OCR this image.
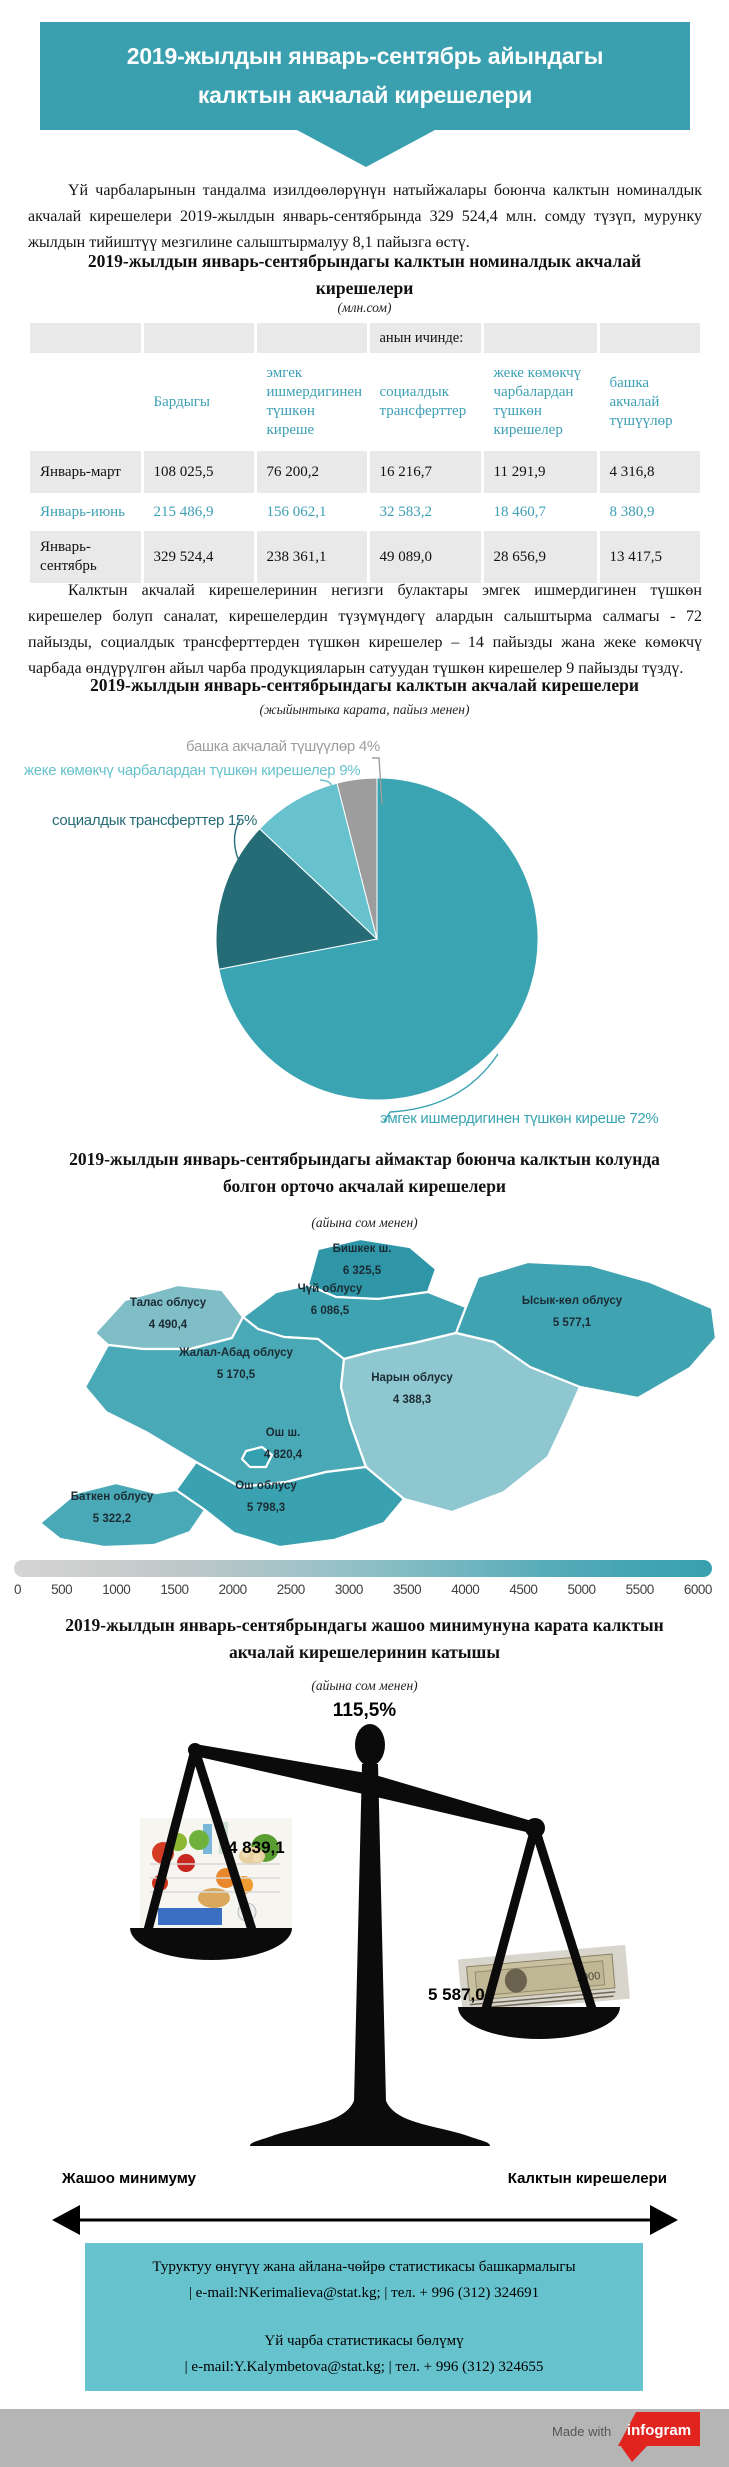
2019-жылдын январь-сентябрь айындагы
калктын акчалай кирешелери

Үй чарбаларынын тандалма изилдөөлөрүнүн натыйжалары боюнча калктын номиналдык акчалай кирешелери 2019-жылдын январь-сентябрында 329 524,4 млн. сомду түзүп, мурунку жылдын тийиштүү мезгилине салыштырмалуу 8,1 пайызга өстү.

2019-жылдын январь-сентябрындагы калктын номиналдык акчалай кирешелери
(млн.сом)
			анын ичинде:		
	Бардыгы	эмгек ишмердигинен түшкөн киреше	социалдык трансферттер	жеке көмөкчү чарбалардан түшкөн кирешелер	башка акчалай түшүүлөр
Январь-март	108 025,5	76 200,2	16 216,7	11 291,9	4 316,8
Январь-июнь	215 486,9	156 062,1	32 583,2	18 460,7	8 380,9
Январь-сентябрь	329 524,4	238 361,1	49 089,0	28 656,9	13 417,5

Калктын акчалай кирешелеринин негизги булактары эмгек ишмердигинен түшкөн кирешелер болуп саналат, кирешелердин түзүмүндөгү алардын салыштырма салмагы - 72 пайызды, социалдык трансферттерден түшкөн кирешелер – 14 пайызды жана жеке көмөкчү чарбада өндүрүлгөн айыл чарба продукцияларын сатуудан түшкөн кирешелер 9 пайызды түздү.

2019-жылдын январь-сентябрындагы калктын акчалай кирешелери
(жыйынтыка карата, пайыз менен)
башка акчалай түшүүлөр 4%
жеке көмөкчү чарбалардан түшкөн кирешелер 9%
социалдык трансферттер 15%
эмгек ишмердигинен түшкөн киреше 72%
2019-жылдын январь-сентябрындагы аймактар боюнча калктын колунда болгон орточо акчалай кирешелери
(айына сом менен)
Бишкек ш.
6 325,5
Чүй облусу
6 086,5
Талас облусу
4 490,4
Ысык-көл облусу
5 577,1
Жалал-Абад облусу
5 170,5	Нарын облусу
4 388,3
Ош ш.
4 820,4
Ош облусу
5 798,3
Баткен облусу
5 322,2
0 500 1000 1500 2000 2500 3000 3500 4000 4500 5000 5500 6000
2019-жылдын январь-сентябрындагы жашоо минимунуна карата калктын акчалай кирешелеринин катышы
(айына сом менен)
115,5%
1000
4 839,1
5 587,0
Жашоо минимуму	Калктын кирешелери
Туруктуу өнүгүү жана айлана-чөйрө статистикасы башкармалыгы
| e-mail:NKerimalieva@stat.kg; | тел. + 996 (312) 324691
Үй чарба статистикасы бөлүмү
| e-mail:Y.Kalymbetova@stat.kg; | тел. + 996 (312) 324655
Made with infogram
